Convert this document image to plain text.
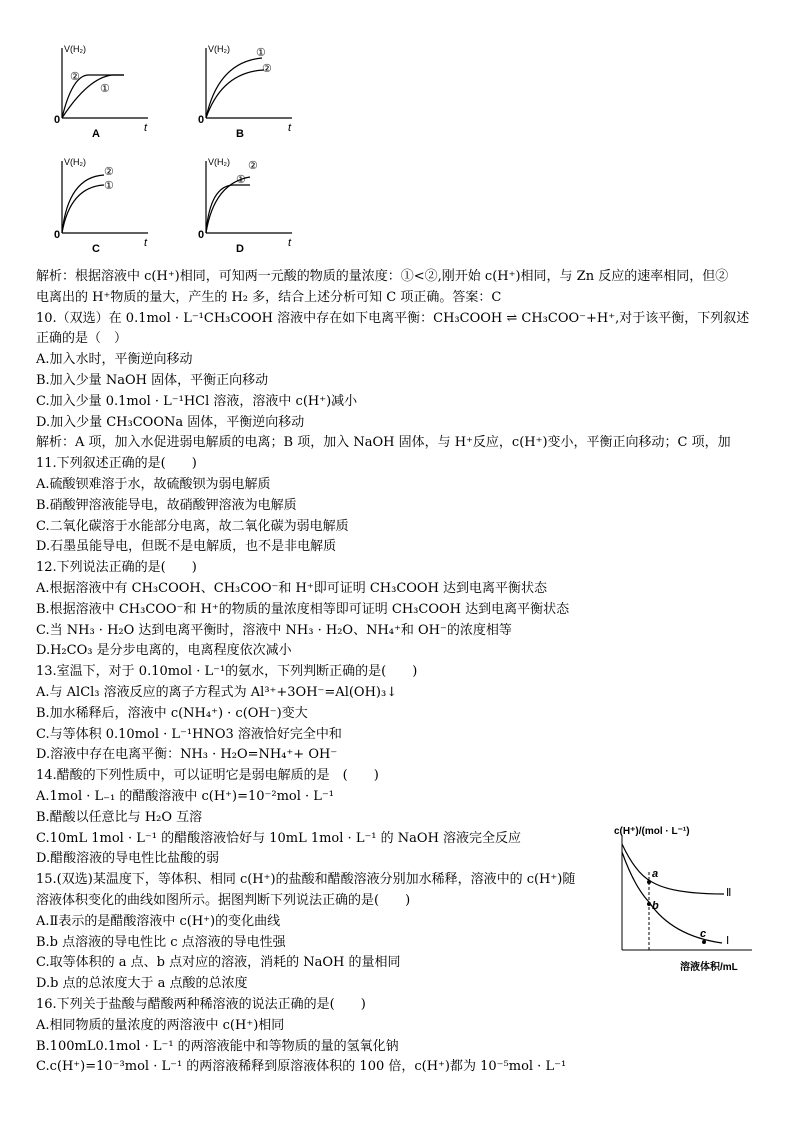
V(H₂)
t
0
②
①
A
V(H₂)
t
0
①
②
B
V(H₂)
t
0
②
①
C
V(H₂)
t
0
②
①
D
解析：根据溶液中 c(H⁺)相同，可知两一元酸的物质的量浓度：①<②,刚开始 c(H⁺)相同，与 Zn 反应的速率相同，但②
电离出的 H⁺物质的量大，产生的 H₂ 多，结合上述分析可知 C 项正确。答案：C
10.（双选）在 0.1mol · L⁻¹CH₃COOH 溶液中存在如下电离平衡：CH₃COOH ⇌ CH₃COO⁻+H⁺,对于该平衡，下列叙述
正确的是（　）
A.加入水时，平衡逆向移动
B.加入少量 NaOH 固体，平衡正向移动
C.加入少量 0.1mol · L⁻¹HCl 溶液，溶液中 c(H⁺)减小
D.加入少量 CH₃COONa 固体，平衡逆向移动
解析：A 项，加入水促进弱电解质的电离；B 项，加入 NaOH 固体，与 H⁺反应，c(H⁺)变小，平衡正向移动；C 项，加
11.下列叙述正确的是(　　)
A.硫酸钡难溶于水，故硫酸钡为弱电解质
B.硝酸钾溶液能导电，故硝酸钾溶液为电解质
C.二氧化碳溶于水能部分电离，故二氧化碳为弱电解质
D.石墨虽能导电，但既不是电解质，也不是非电解质
12.下列说法正确的是(　　)
A.根据溶液中有 CH₃COOH、CH₃COO⁻和 H⁺即可证明 CH₃COOH 达到电离平衡状态
B.根据溶液中 CH₃COO⁻和 H⁺的物质的量浓度相等即可证明 CH₃COOH 达到电离平衡状态
C.当 NH₃ · H₂O 达到电离平衡时，溶液中 NH₃ · H₂O、NH₄⁺和 OH⁻的浓度相等
D.H₂CO₃ 是分步电离的，电离程度依次减小
13.室温下，对于 0.10mol · L⁻¹的氨水，下列判断正确的是(　　)
A.与 AlCl₃ 溶液反应的离子方程式为 Al³⁺+3OH⁻=Al(OH)₃↓
B.加水稀释后，溶液中 c(NH₄⁺) · c(OH⁻)变大
C.与等体积 0.10mol · L⁻¹HNO3 溶液恰好完全中和
D.溶液中存在电离平衡：NH₃ · H₂O=NH₄⁺+ OH⁻
14.醋酸的下列性质中，可以证明它是弱电解质的是　(　　)
A.1mol · L₋₁ 的醋酸溶液中 c(H⁺)=10⁻²mol · L⁻¹
B.醋酸以任意比与 H₂O 互溶
C.10mL 1mol · L⁻¹ 的醋酸溶液恰好与 10mL 1mol · L⁻¹ 的 NaOH 溶液完全反应
D.醋酸溶液的导电性比盐酸的弱
15.(双选)某温度下，等体积、相同 c(H⁺)的盐酸和醋酸溶液分别加水稀释，溶液中的 c(H⁺)随
溶液体积变化的曲线如图所示。据图判断下列说法正确的是(　　)
A.Ⅱ表示的是醋酸溶液中 c(H⁺)的变化曲线
B.b 点溶液的导电性比 c 点溶液的导电性强
C.取等体积的 a 点、b 点对应的溶液，消耗的 NaOH 的量相同
D.b 点的总浓度大于 a 点酸的总浓度
16.下列关于盐酸与醋酸两种稀溶液的说法正确的是(　　)
A.相同物质的量浓度的两溶液中 c(H⁺)相同
B.100mL0.1mol · L⁻¹ 的两溶液能中和等物质的量的氢氧化钠
C.c(H⁺)=10⁻³mol · L⁻¹ 的两溶液稀释到原溶液体积的 100 倍，c(H⁺)都为 10⁻⁵mol · L⁻¹
c(H⁺)/(mol · L⁻¹)
溶液体积/mL
Ⅱ
Ⅰ
a
b
c
